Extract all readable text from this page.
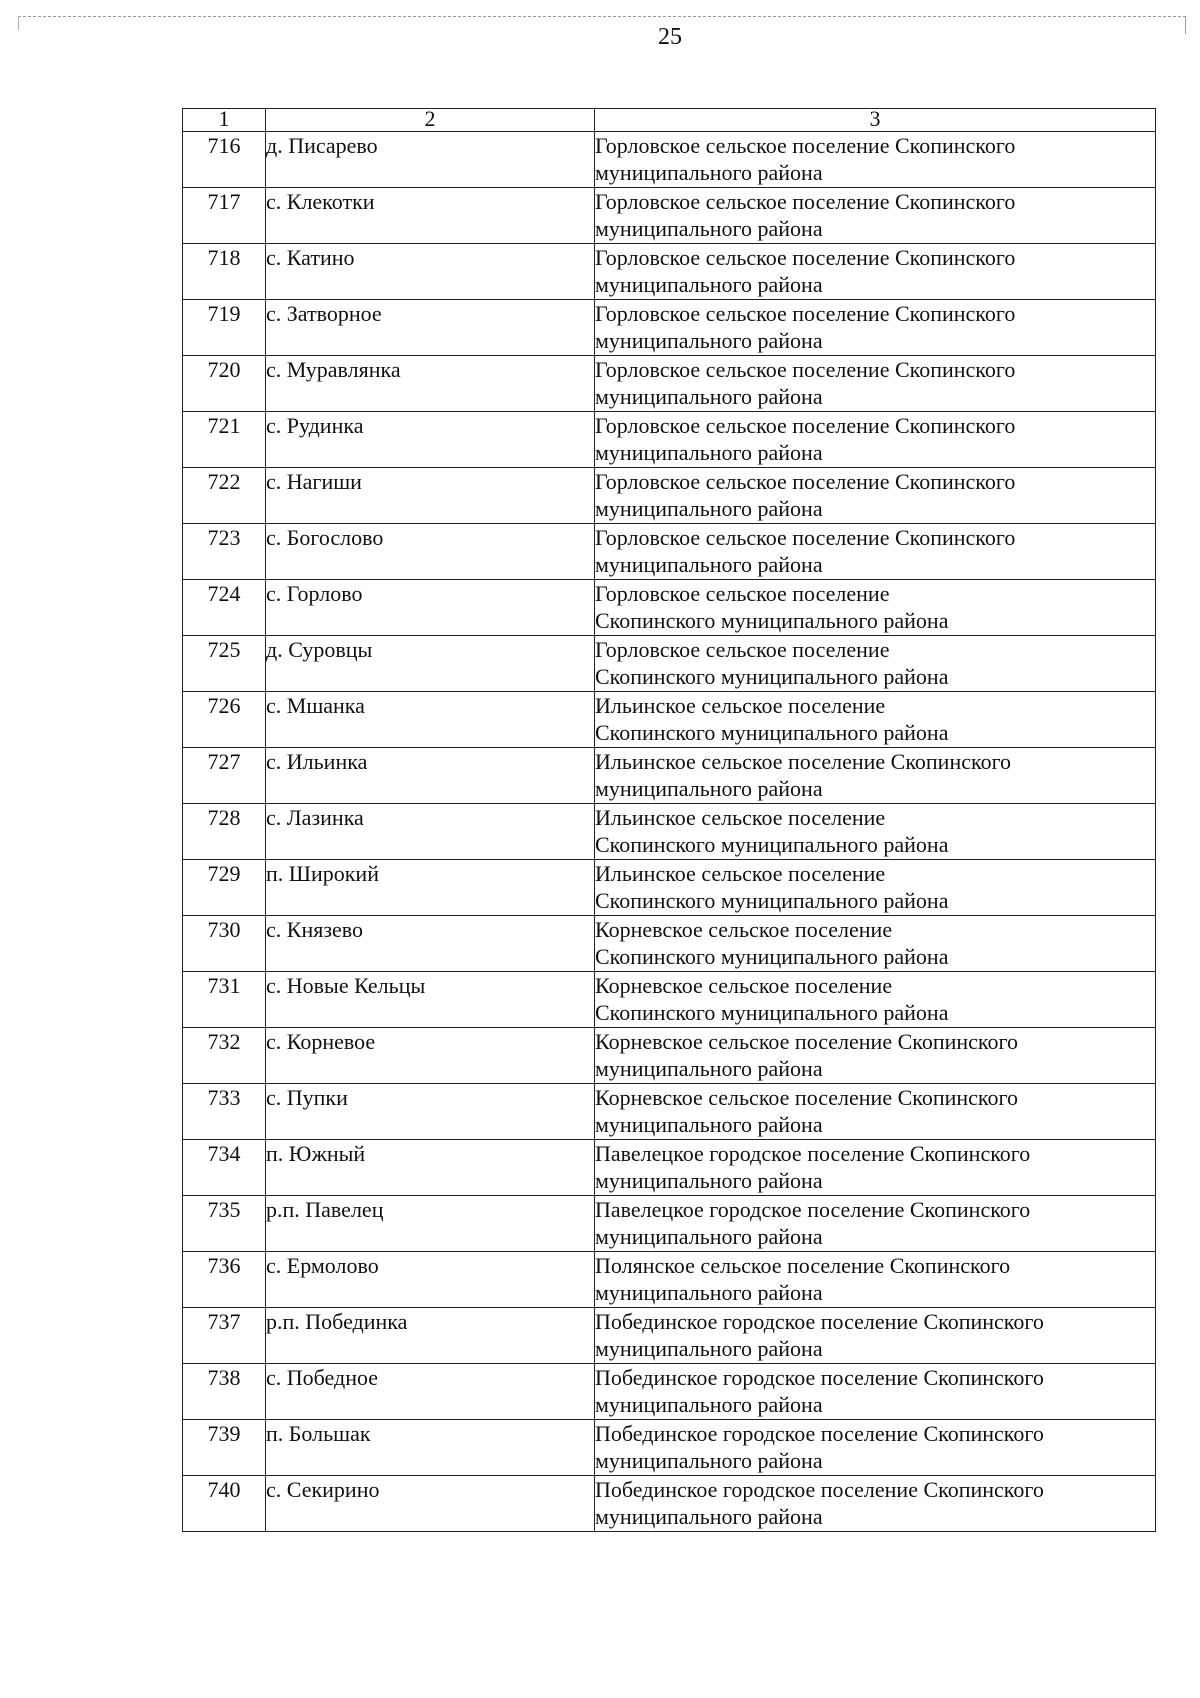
25
1	2	3
716	д. Писарево	Горловское сельское поселение Скопинского
муниципального района

717	с. Клекотки	Горловское сельское поселение Скопинского
муниципального района

718	с. Катино	Горловское сельское поселение Скопинского
муниципального района

719	с. Затворное	Горловское сельское поселение Скопинского
муниципального района

720	с. Муравлянка	Горловское сельское поселение Скопинского
муниципального района

721	с. Рудинка	Горловское сельское поселение Скопинского
муниципального района

722	с. Нагиши	Горловское сельское поселение Скопинского
муниципального района

723	с. Богослово	Горловское сельское поселение Скопинского
муниципального района

724	с. Горлово	Горловское сельское поселение
Скопинского муниципального района

725	д. Суровцы	Горловское сельское поселение
Скопинского муниципального района

726	с. Мшанка	Ильинское сельское поселение
Скопинского муниципального района

727	с. Ильинка	Ильинское сельское поселение Скопинского
муниципального района

728	с. Лазинка	Ильинское сельское поселение
Скопинского муниципального района

729	п. Широкий	Ильинское сельское поселение
Скопинского муниципального района

730	с. Князево	Корневское сельское поселение
Скопинского муниципального района

731	с. Новые Кельцы	Корневское сельское поселение
Скопинского муниципального района

732	с. Корневое	Корневское сельское поселение Скопинского
муниципального района

733	с. Пупки	Корневское сельское поселение Скопинского
муниципального района

734	п. Южный	Павелецкое городское поселение Скопинского
муниципального района

735	р.п. Павелец	Павелецкое городское поселение Скопинского
муниципального района

736	с. Ермолово	Полянское сельское поселение Скопинского
муниципального района

737	р.п. Побединка	Побединское городское поселение Скопинского
муниципального района

738	с. Победное	Побединское городское поселение Скопинского
муниципального района

739	п. Большак	Побединское городское поселение Скопинского
муниципального района

740	с. Секирино	Побединское городское поселение Скопинского
муниципального района
